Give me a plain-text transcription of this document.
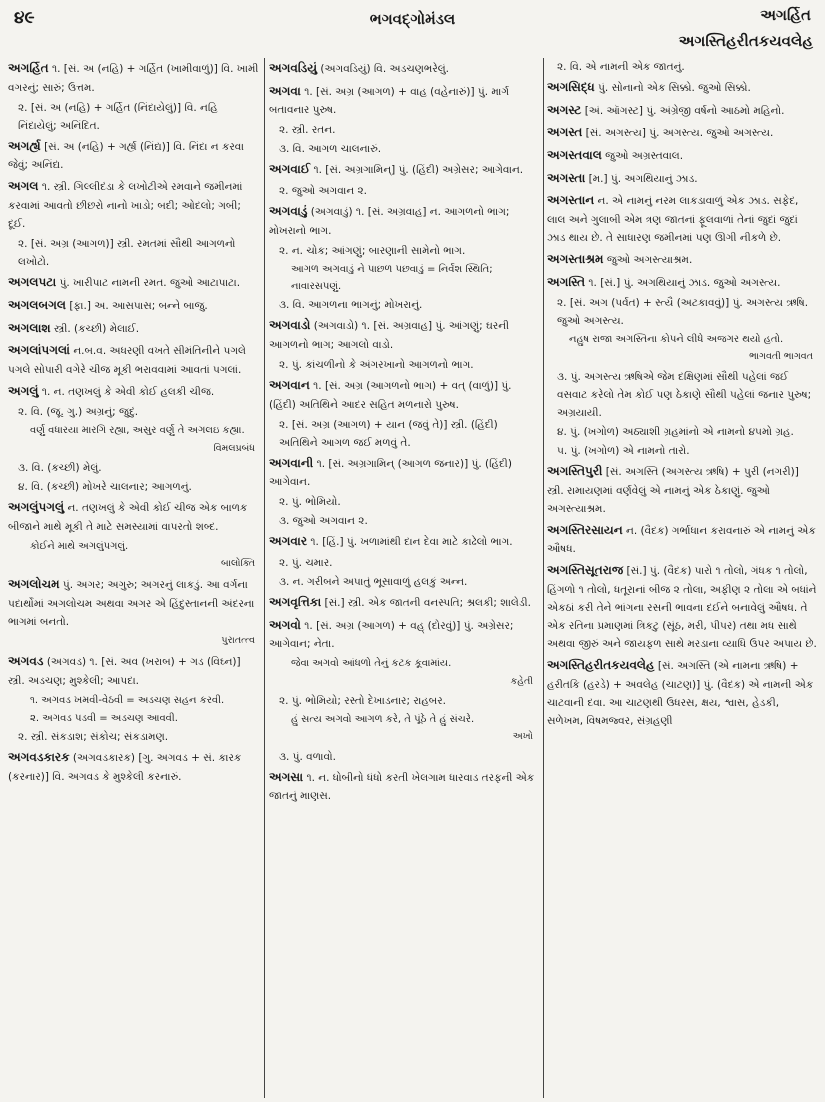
૪૯	ભગવદ્ગોમંડલ	અગર્હિત
અગસ્તિહરીતકયવલેહ
અગર્હિત ૧. [સં. અ (નહિ) + ગર્હિત (ખામીવાળું)] વિ. ખામી વગરનું; સારું; ઉત્તમ.
૨. [સં. અ (નહિ) + ગર્હિત (નિંદાયેલું)] વિ. નહિ નિંદાયેલું; અનિંદિત.
અગર્હ્ય [સં. અ (નહિ) + ગર્હ્ય (નિંદ્ય)] વિ. નિંદા ન કરવા જેવું; અનિંદ્ય.
અગલ ૧. સ્ત્રી. ગિલ્લીદંડા કે લખોટીએ રમવાને જમીનમાં કરવામાં આવતો છીછરો નાનો ખાડો; બદી; ઓદલો; ગબી; દૂઈ.
૨. [સં. અગ્ર (આગળ)] સ્ત્રી. રમતમાં સૌથી આગળનો લખોટો.
અગલપટા પું. ખારીપાટ નામની રમત. જુઓ આટાપાટા.
અગલબગલ [ફા.] અ. આસપાસ; બન્ને બાજુ.
અગલાશ સ્ત્રી. (કચ્છી) મેલાઈ.
અગલાંપગલાં ન.બ.વ. અધરણી વખતે સીમંતિનીને પગલે પગલે સોપારી વગેરે ચીજ મૂકી ભરાવવામાં આવતાં પગલાં.
અગલું ૧. ન. તણખલું કે એવી કોઈ હલકી ચીજ.
૨. વિ. (જૂ. ગુ.) અગ્રનું; જુદું.
વર્ણુ વધારયા મારગિ રહ્યા, અસુર વર્ણુ તે અગલઇ કહ્યા.
વિમલપ્રબંધ
૩. વિ. (કચ્છી) મેલું.
૪. વિ. (કચ્છી) મોખરે ચાલનાર; આગળનું.
અગલુંપગલું ન. તણખલું કે એવી કોઈ ચીજ એક બાળક બીજાને માથે મૂકી તે માટે સમસ્યામાં વાપરતો શબ્દ.
કોઈને માથે અગલુંપગલું.
બાલોક્તિ
અગલોચમ પું. અગર; અગુરુ; અગરનું લાકડું. આ વર્ગના પદાર્થોમાં અગલોચમ અથવા અગર એ હિંદુસ્તાનની અંદરના ભાગમાં બનતો.
પુરાતત્ત્વ
અગવડ (અગવડ) ૧. [સં. અવ (ખરાબ) + ગડ (વિઘ્ન)] સ્ત્રી. અડચણ; મુશ્કેલી; આપદા.
૧. અગવડ ખમવી-વેઠવી = અડચણ સહન કરવી.
૨. અગવડ પડવી = અડચણ આવવી.
૨. સ્ત્રી. સંકડાશ; સંકોચ; સંકડામણ.
અગવડકારક (અગવડકારક) [ગુ. અગવડ + સં. કારક (કરનાર)] વિ. અગવડ કે મુશ્કેલી કરનારું.
અગવડિયું (અગવડિયું) વિ. અડચણભરેલું.
અગવા ૧. [સં. અગ્ર (આગળ) + વાહ (વહેનારું)] પું. માર્ગ બતાવનાર પુરુષ.
૨. સ્ત્રી. રતન.
૩. વિ. આગળ ચાલનારું.
અગવાઈ ૧. [સં. અગ્રગામિન્] પું. (હિંદી) અગ્રેસર; આગેવાન.
૨. જુઓ અગવાન ૨.
અગવાડું (અગવાડું) ૧. [સં. અગ્રવાહ] ન. આગળનો ભાગ; મોખરાનો ભાગ.
૨. ન. ચોક; આંગણું; બારણાની સામેનો ભાગ.
આગળ અગવાડું ને પાછળ પછવાડું = નિર્વંશ સ્થિતિ; નાવારસપણું.
૩. વિ. આગળના ભાગનું; મોખરાનું.
અગવાડો (અગવાડો) ૧. [સં. અગ્રવાહ] પું. આંગણું; ઘરની આગળનો ભાગ; આગલો વાડો.
૨. પું. કાંચળીનો કે અંગરખાનો આગળનો ભાગ.
અગવાન ૧. [સં. અગ્ર (આગળનો ભાગ) + વત્ (વાળું)] પું. (હિંદી) અતિથિને આદર સહિત મળનારો પુરુષ.
૨. [સં. અગ્ર (આગળ) + યાન (જવું તે)] સ્ત્રી. (હિંદી) અતિથિને આગળ જઈ મળવું તે.
અગવાની ૧. [સં. અગ્રગામિન્ (આગળ જનાર)] પું. (હિંદી) આગેવાન.
૨. પું. ભોમિયો.
૩. જુઓ અગવાન ૨.
અગવાર ૧. [હિં.] પું. ખળામાંથી દાન દેવા માટે કાઢેલો ભાગ.
૨. પું. ચમાર.
૩. ન. ગરીબને અપાતું ભૂસાવાળું હલકું અન્ન.
અગવૃત્તિકા [સં.] સ્ત્રી. એક જાતની વનસ્પતિ; શ્રલકી; શાલેડી.
અગવો ૧. [સં. અગ્ર (આગળ) + વહ્ (દોરવું)] પું. અગ્રેસર; આગેવાન; નેતા.
જેવા અગવો આંધળો તેનું કટક કૂવામાંય.
કહેતી
૨. પું. ભોમિયો; રસ્તો દેખાડનાર; રાહબર.
હું સત્ય અગવો આગળ કરે, તે પૂંઠે તે હું સંચરે.
અખો
૩. પું. વળાવો.
અગસા ૧. ન. ધોબીનો ધંધો કરતી ખેલગામ ધારવાડ તરફની એક જાતનું માણસ.
૨. વિ. એ નામની એક જાતનું.
અગસિદ્ધ પું. સોનાનો એક સિક્કો. જુઓ સિક્કો.
અગસ્ટ [અં. ઑગસ્ટ] પું. અંગ્રેજી વર્ષનો આઠમો મહિનો.
અગસ્ત [સં. અગસ્ત્ય] પું. અગસ્ત્ય. જુઓ અગસ્ત્ય.
અગસ્તવાલ જુઓ અગ્રસ્તવાલ.
અગસ્તા [મ.] પું. અગથિયાનું ઝાડ.
અગસ્તાન ન. એ નામનું નરમ લાકડાવાળું એક ઝાડ. સફેદ, લાલ અને ગુલાબી એમ ત્રણ જાતનાં ફૂલવાળાં તેનાં જુદાં જુદાં ઝાડ થાય છે. તે સાધારણ જમીનમાં પણ ઊગી નીકળે છે.
અગસ્તાશ્રમ જુઓ અગસ્ત્યાશ્રમ.
અગસ્તિ ૧. [સં.] પું. અગથિયાનું ઝાડ. જુઓ અગસ્ત્ય.
૨. [સં. અગ (પર્વત) + સ્ત્યૈ (અટકાવવું)] પું. અગસ્ત્ય ઋષિ. જુઓ અગસ્ત્ય.
નહુષ રાજા અગસ્તિના કોપને લીધે અજગર થયો હતો.
ભાગવતી ભાગવત
૩. પું. અગસ્ત્ય ઋષિએ જેમ દક્ષિણમાં સૌથી પહેલાં જઈ વસવાટ કરેલો તેમ કોઈ પણ ઠેકાણે સૌથી પહેલાં જનાર પુરુષ; અગ્રયાયી.
૪. પું. (ખગોળ) અઠ્યાશી ગ્રહમાંનો એ નામનો ૪૫મો ગ્રહ.
૫. પું. (ખગોળ) એ નામનો તારો.
અગસ્તિપુરી [સં. અગસ્તિ (અગસ્ત્ય ઋષિ) + પુરી (નગરી)] સ્ત્રી. રામાયણમાં વર્ણવેલું એ નામનું એક ઠેકાણું. જુઓ અગસ્ત્યાશ્રમ.
અગસ્તિરસાયન ન. (વૈદક) ગર્ભાધાન કરાવનારું એ નામનું એક ઔષધ.
અગસ્તિસૂતરાજ [સં.] પું. (વૈદક) પારો ૧ તોલો, ગંધક ૧ તોલો, હિંગળો ૧ તોલો, ધતૂરાનાં બીજ ૨ તોલા, અફીણ ૨ તોલા એ બધાંને એકઠાં કરી તેને ભાંગના રસની ભાવના દઈને બનાવેલું ઔષધ. તે એક રતિના પ્રમાણમાં ત્રિકટુ (સૂંઠ, મરી, પીપર) તથા મધ સાથે અથવા જીરું અને જાયફળ સાથે મરડાના વ્યાધિ ઉપર અપાય છે.
અગસ્તિહરીતકયવલેહ [સં. અગસ્તિ (એ નામના ઋષિ) + હરીતકિ (હરડે) + અવલેહ (ચાટણ)] પું. (વૈદક) એ નામની એક ચાટવાની દવા. આ ચાટણથી ઉધરસ, ક્ષય, શ્વાસ, હેડકી, સળેખમ, વિષમજ્વર, સંગ્રહણી
